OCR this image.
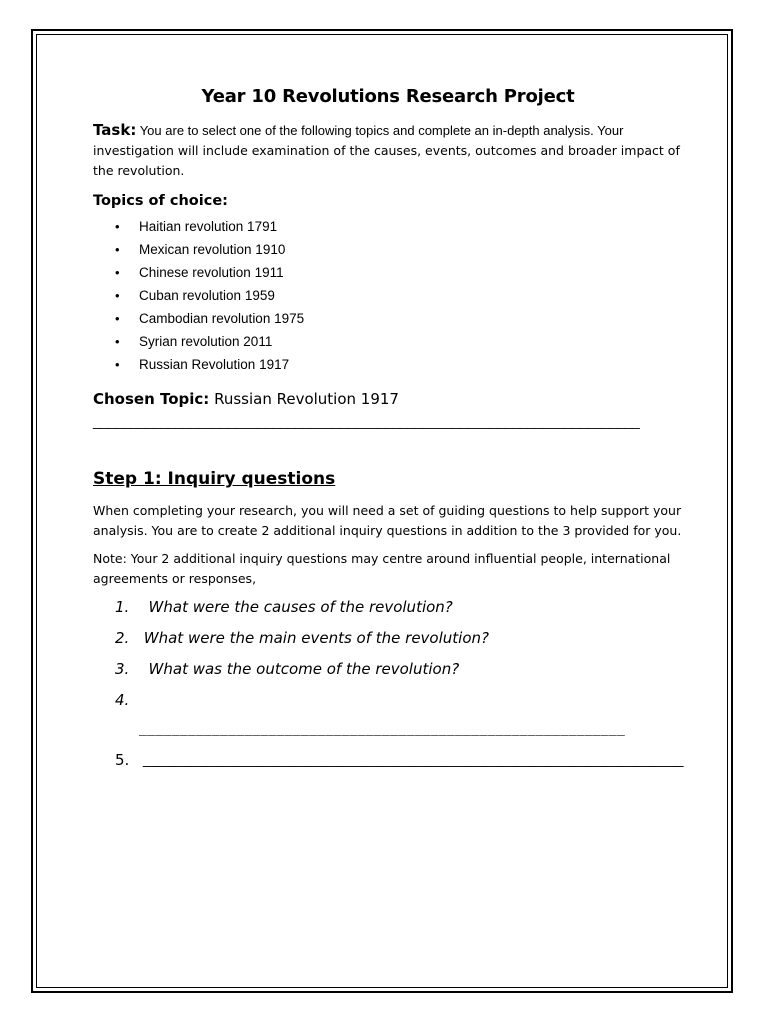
Year 10 Revolutions Research Project

Task: You are to select one of the following topics and complete an in-depth analysis. Your investigation will include examination of the causes, events, outcomes and broader impact of the revolution.

Topics of choice:
• Haitian revolution 1791
• Mexican revolution 1910
• Chinese revolution 1911
• Cuban revolution 1959
• Cambodian revolution 1975
• Syrian revolution 2011
• Russian Revolution 1917
Chosen Topic: Russian Revolution 1917
_________________________________________________________________________
Step 1: Inquiry questions

When completing your research, you will need a set of guiding questions to help support your analysis. You are to create 2 additional inquiry questions in addition to the 3 provided for you.

Note: Your 2 additional inquiry questions may centre around influential people, international agreements or responses,

1. What were the causes of the revolution?
2. What were the main events of the revolution?
3. What was the outcome of the revolution?
4.
____________________________________________________________
5. ____________________________________________________________________
